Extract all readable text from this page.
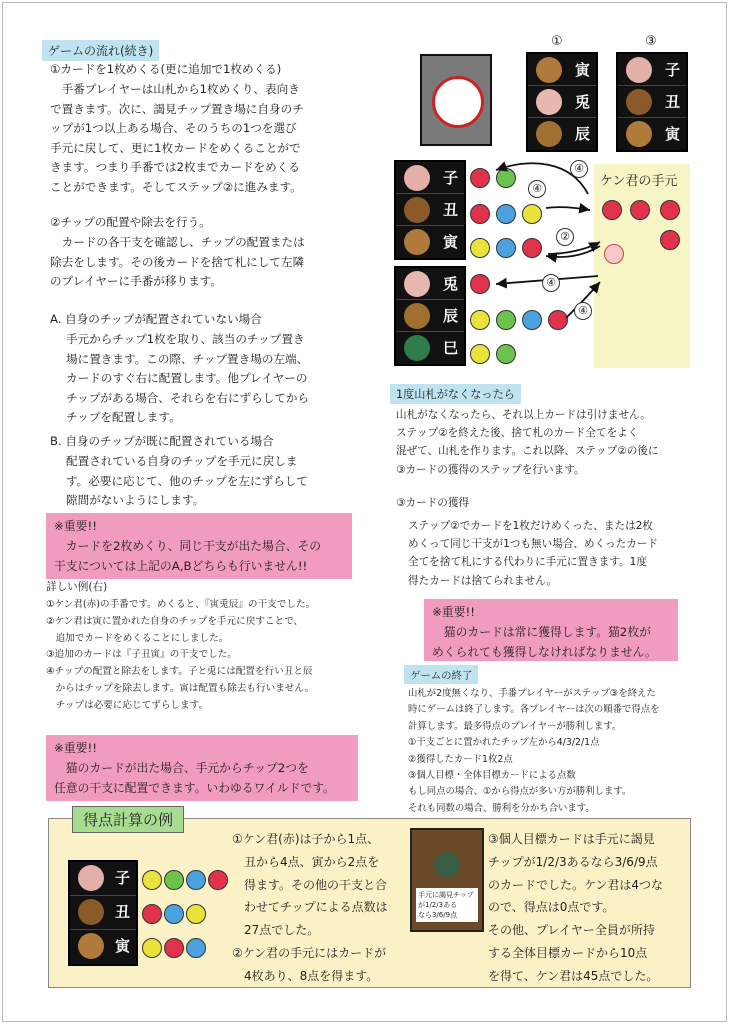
ゲームの流れ(続き)
①カードを1枚めくる(更に追加で1枚めくる)
　手番プレイヤーは山札から1枚めくり、表向き
で置きます。次に、謁見チップ置き場に自身のチ
ップが1つ以上ある場合、そのうちの1つを選び
手元に戻して、更に1枚カードをめくることがで
きます。つまり手番では2枚までカードをめくる
ことができます。そしてステップ②に進みます。
②チップの配置や除去を行う。
　カードの各干支を確認し、チップの配置または
除去をします。その後カードを捨て札にして左隣
のプレイヤーに手番が移ります。
A. 自身のチップが配置されていない場合
手元からチップ1枚を取り、該当のチップ置き
場に置きます。この際、チップ置き場の左端、
カードのすぐ右に配置します。他プレイヤーの
チップがある場合、それらを右にずらしてから
チップを配置します。
B. 自身のチップが既に配置されている場合
配置されている自身のチップを手元に戻しま
す。必要に応じて、他のチップを左にずらして
隙間がないようにします。
※重要!!
　カードを2枚めくり、同じ干支が出た場合、その
干支については上記のA,Bどちらも行いません!!
詳しい例(右)
①ケン君(赤)の手番です。めくると、『寅兎辰』の干支でした。
②ケン君は寅に置かれた自身のチップを手元に戻すことで、
　追加でカードをめくることにしました。
③追加のカードは『子丑寅』の干支でした。
④チップの配置と除去をします。子と兎には配置を行い丑と辰
　からはチップを除去します。寅は配置も除去も行いません。
　チップは必要に応じてずらします。
※重要!!
　猫のカードが出た場合、手元からチップ2つを
任意の干支に配置できます。いわゆるワイルドです。
①	③
寅
兎
辰
子
丑
寅
子
丑
寅
兎
辰
巳
ケン君の手元
④
④
②
④
④
1度山札がなくなったら
山札がなくなったら、それ以上カードは引けません。
ステップ②を終えた後、捨て札のカード全てをよく
混ぜて、山札を作ります。これ以降、ステップ②の後に
③カードの獲得のステップを行います。
③カードの獲得
ステップ②でカードを1枚だけめくった、または2枚
めくって同じ干支が1つも無い場合、めくったカード
全てを捨て札にする代わりに手元に置きます。1度
得たカードは捨てられません。
※重要!!
　猫のカードは常に獲得します。猫2枚が
めくられても獲得しなければなりません。
ゲームの終了
山札が2度無くなり、手番プレイヤーがステップ③を終えた
時にゲームは終了します。各プレイヤーは次の順番で得点を
計算します。最多得点のプレイヤーが勝利します。
①干支ごとに置かれたチップ左から4/3/2/1点
②獲得したカード1枚2点
③個人目標・全体目標カードによる点数
もし同点の場合、①から得点が多い方が勝利します。
それも同数の場合、勝利を分かち合います。
得点計算の例
子
丑
寅
①ケン君(赤)は子から1点、
　丑から4点、寅から2点を
　得ます。その他の干支と合
　わせてチップによる点数は
　27点でした。
②ケン君の手元にはカードが
　4枚あり、8点を得ます。
手元に謁見チップ
が1/2/3ある
なら3/6/9点
③個人目標カードは手元に謁見
チップが1/2/3あるなら3/6/9点
のカードでした。ケン君は4つな
ので、得点は0点です。
その他、プレイヤー全員が所持
する全体目標カードから10点
を得て、ケン君は45点でした。
